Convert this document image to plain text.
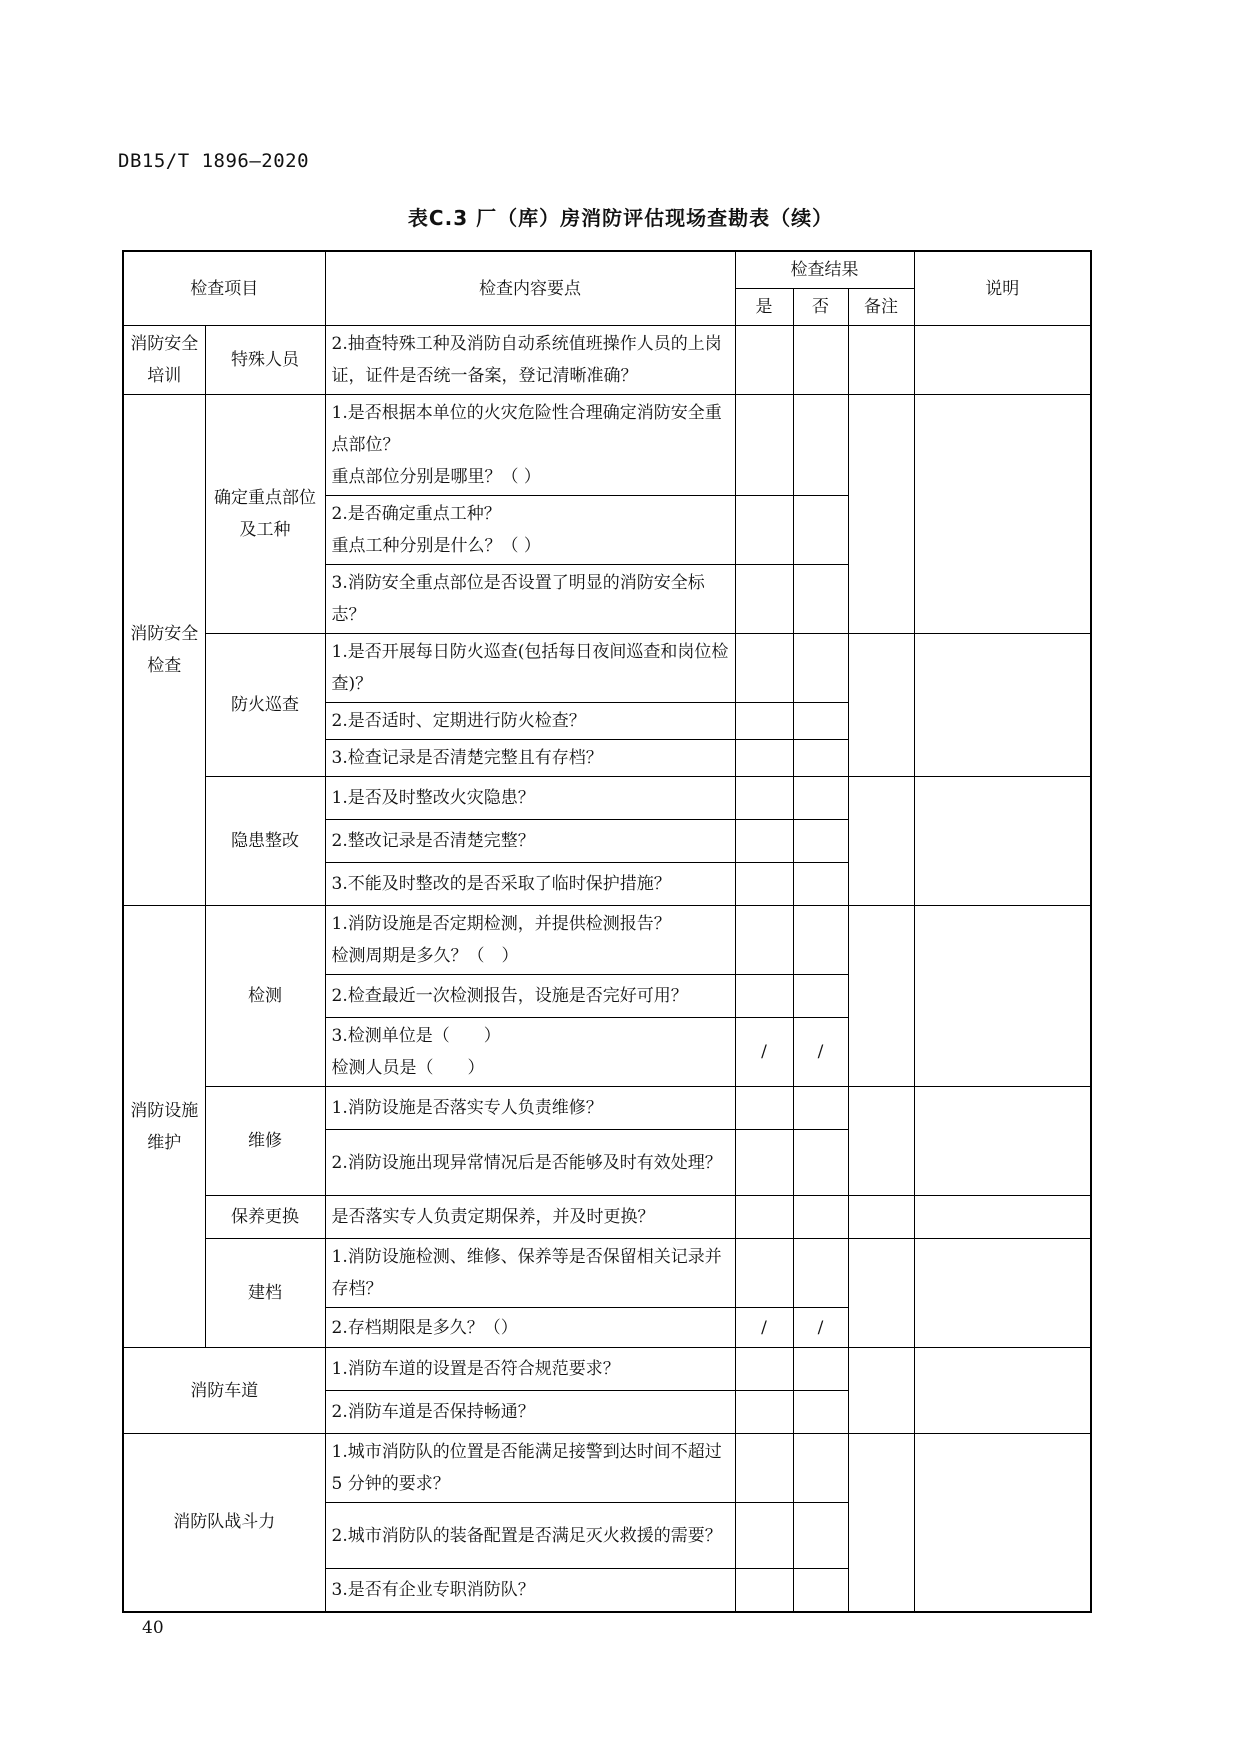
DB15/T 1896—2020
表C.3 厂（库）房消防评估现场查勘表（续）
检查项目		检查内容要点	检查结果			说明
			是	否	备注	
消防安全培训	特殊人员	2.抽查特殊工种及消防自动系统值班操作人员的上岗证，证件是否统一备案，登记清晰准确？				
消防安全检查	确定重点部位及工种	1.是否根据本单位的火灾危险性合理确定消防安全重点部位？
重点部位分别是哪里？（ ）				

		2.是否确定重点工种？
重点工种分别是什么？（ ）				

		3.消防安全重点部位是否设置了明显的消防安全标志？				
	防火巡查	1.是否开展每日防火巡查(包括每日夜间巡查和岗位检查)？				
		2.是否适时、定期进行防火检查？				
		3.检查记录是否清楚完整且有存档？				
	隐患整改	1.是否及时整改火灾隐患？				
		2.整改记录是否清楚完整？				
		3.不能及时整改的是否采取了临时保护措施？				
消防设施维护	检测	1.消防设施是否定期检测，并提供检测报告？
检测周期是多久？（　）				

		2.检查最近一次检测报告，设施是否完好可用？				

		3.检测单位是（　　）
检测人员是（　　）	/	/		
	维修	1.消防设施是否落实专人负责维修？				
		2.消防设施出现异常情况后是否能够及时有效处理？				
	保养更换	是否落实专人负责定期保养，并及时更换？				
	建档	1.消防设施检测、维修、保养等是否保留相关记录并存档？				
		2.存档期限是多久？（）	/	/		
消防车道		1.消防车道的设置是否符合规范要求？				
		2.消防车道是否保持畅通？				
消防队战斗力		1.城市消防队的位置是否能满足接警到达时间不超过 5 分钟的要求？				
		2.城市消防队的装备配置是否满足灭火救援的需要？				
		3.是否有企业专职消防队？				
40
